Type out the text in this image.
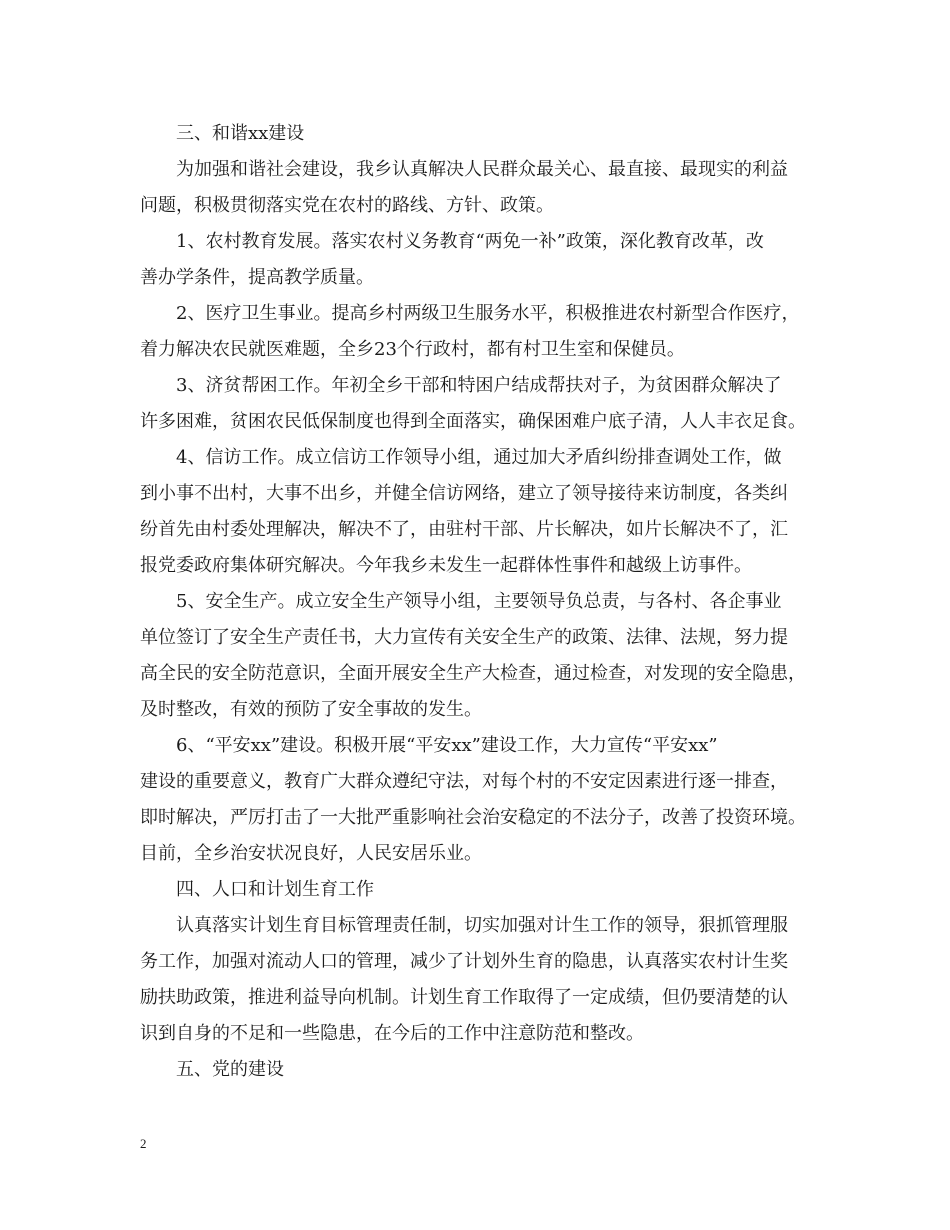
三、和谐xx建设
为加强和谐社会建设，我乡认真解决人民群众最关心、最直接、最现实的利益
问题，积极贯彻落实党在农村的路线、方针、政策。
1、农村教育发展。落实农村义务教育“两免一补”政策，深化教育改革，改
善办学条件，提高教学质量。
2、医疗卫生事业。提高乡村两级卫生服务水平，积极推进农村新型合作医疗，
着力解决农民就医难题，全乡23个行政村，都有村卫生室和保健员。
3、济贫帮困工作。年初全乡干部和特困户结成帮扶对子，为贫困群众解决了
许多困难，贫困农民低保制度也得到全面落实，确保困难户底子清，人人丰衣足食。
4、信访工作。成立信访工作领导小组，通过加大矛盾纠纷排查调处工作，做
到小事不出村，大事不出乡，并健全信访网络，建立了领导接待来访制度，各类纠
纷首先由村委处理解决，解决不了，由驻村干部、片长解决，如片长解决不了，汇
报党委政府集体研究解决。今年我乡未发生一起群体性事件和越级上访事件。
5、安全生产。成立安全生产领导小组，主要领导负总责，与各村、各企事业
单位签订了安全生产责任书，大力宣传有关安全生产的政策、法律、法规，努力提
高全民的安全防范意识，全面开展安全生产大检查，通过检查，对发现的安全隐患，
及时整改，有效的预防了安全事故的发生。
6、“平安xx”建设。积极开展“平安xx”建设工作，大力宣传“平安xx”
建设的重要意义，教育广大群众遵纪守法，对每个村的不安定因素进行逐一排查，
即时解决，严厉打击了一大批严重影响社会治安稳定的不法分子，改善了投资环境。
目前，全乡治安状况良好，人民安居乐业。
四、人口和计划生育工作
认真落实计划生育目标管理责任制，切实加强对计生工作的领导，狠抓管理服
务工作，加强对流动人口的管理，减少了计划外生育的隐患，认真落实农村计生奖
励扶助政策，推进利益导向机制。计划生育工作取得了一定成绩，但仍要清楚的认
识到自身的不足和一些隐患，在今后的工作中注意防范和整改。
五、党的建设
2
